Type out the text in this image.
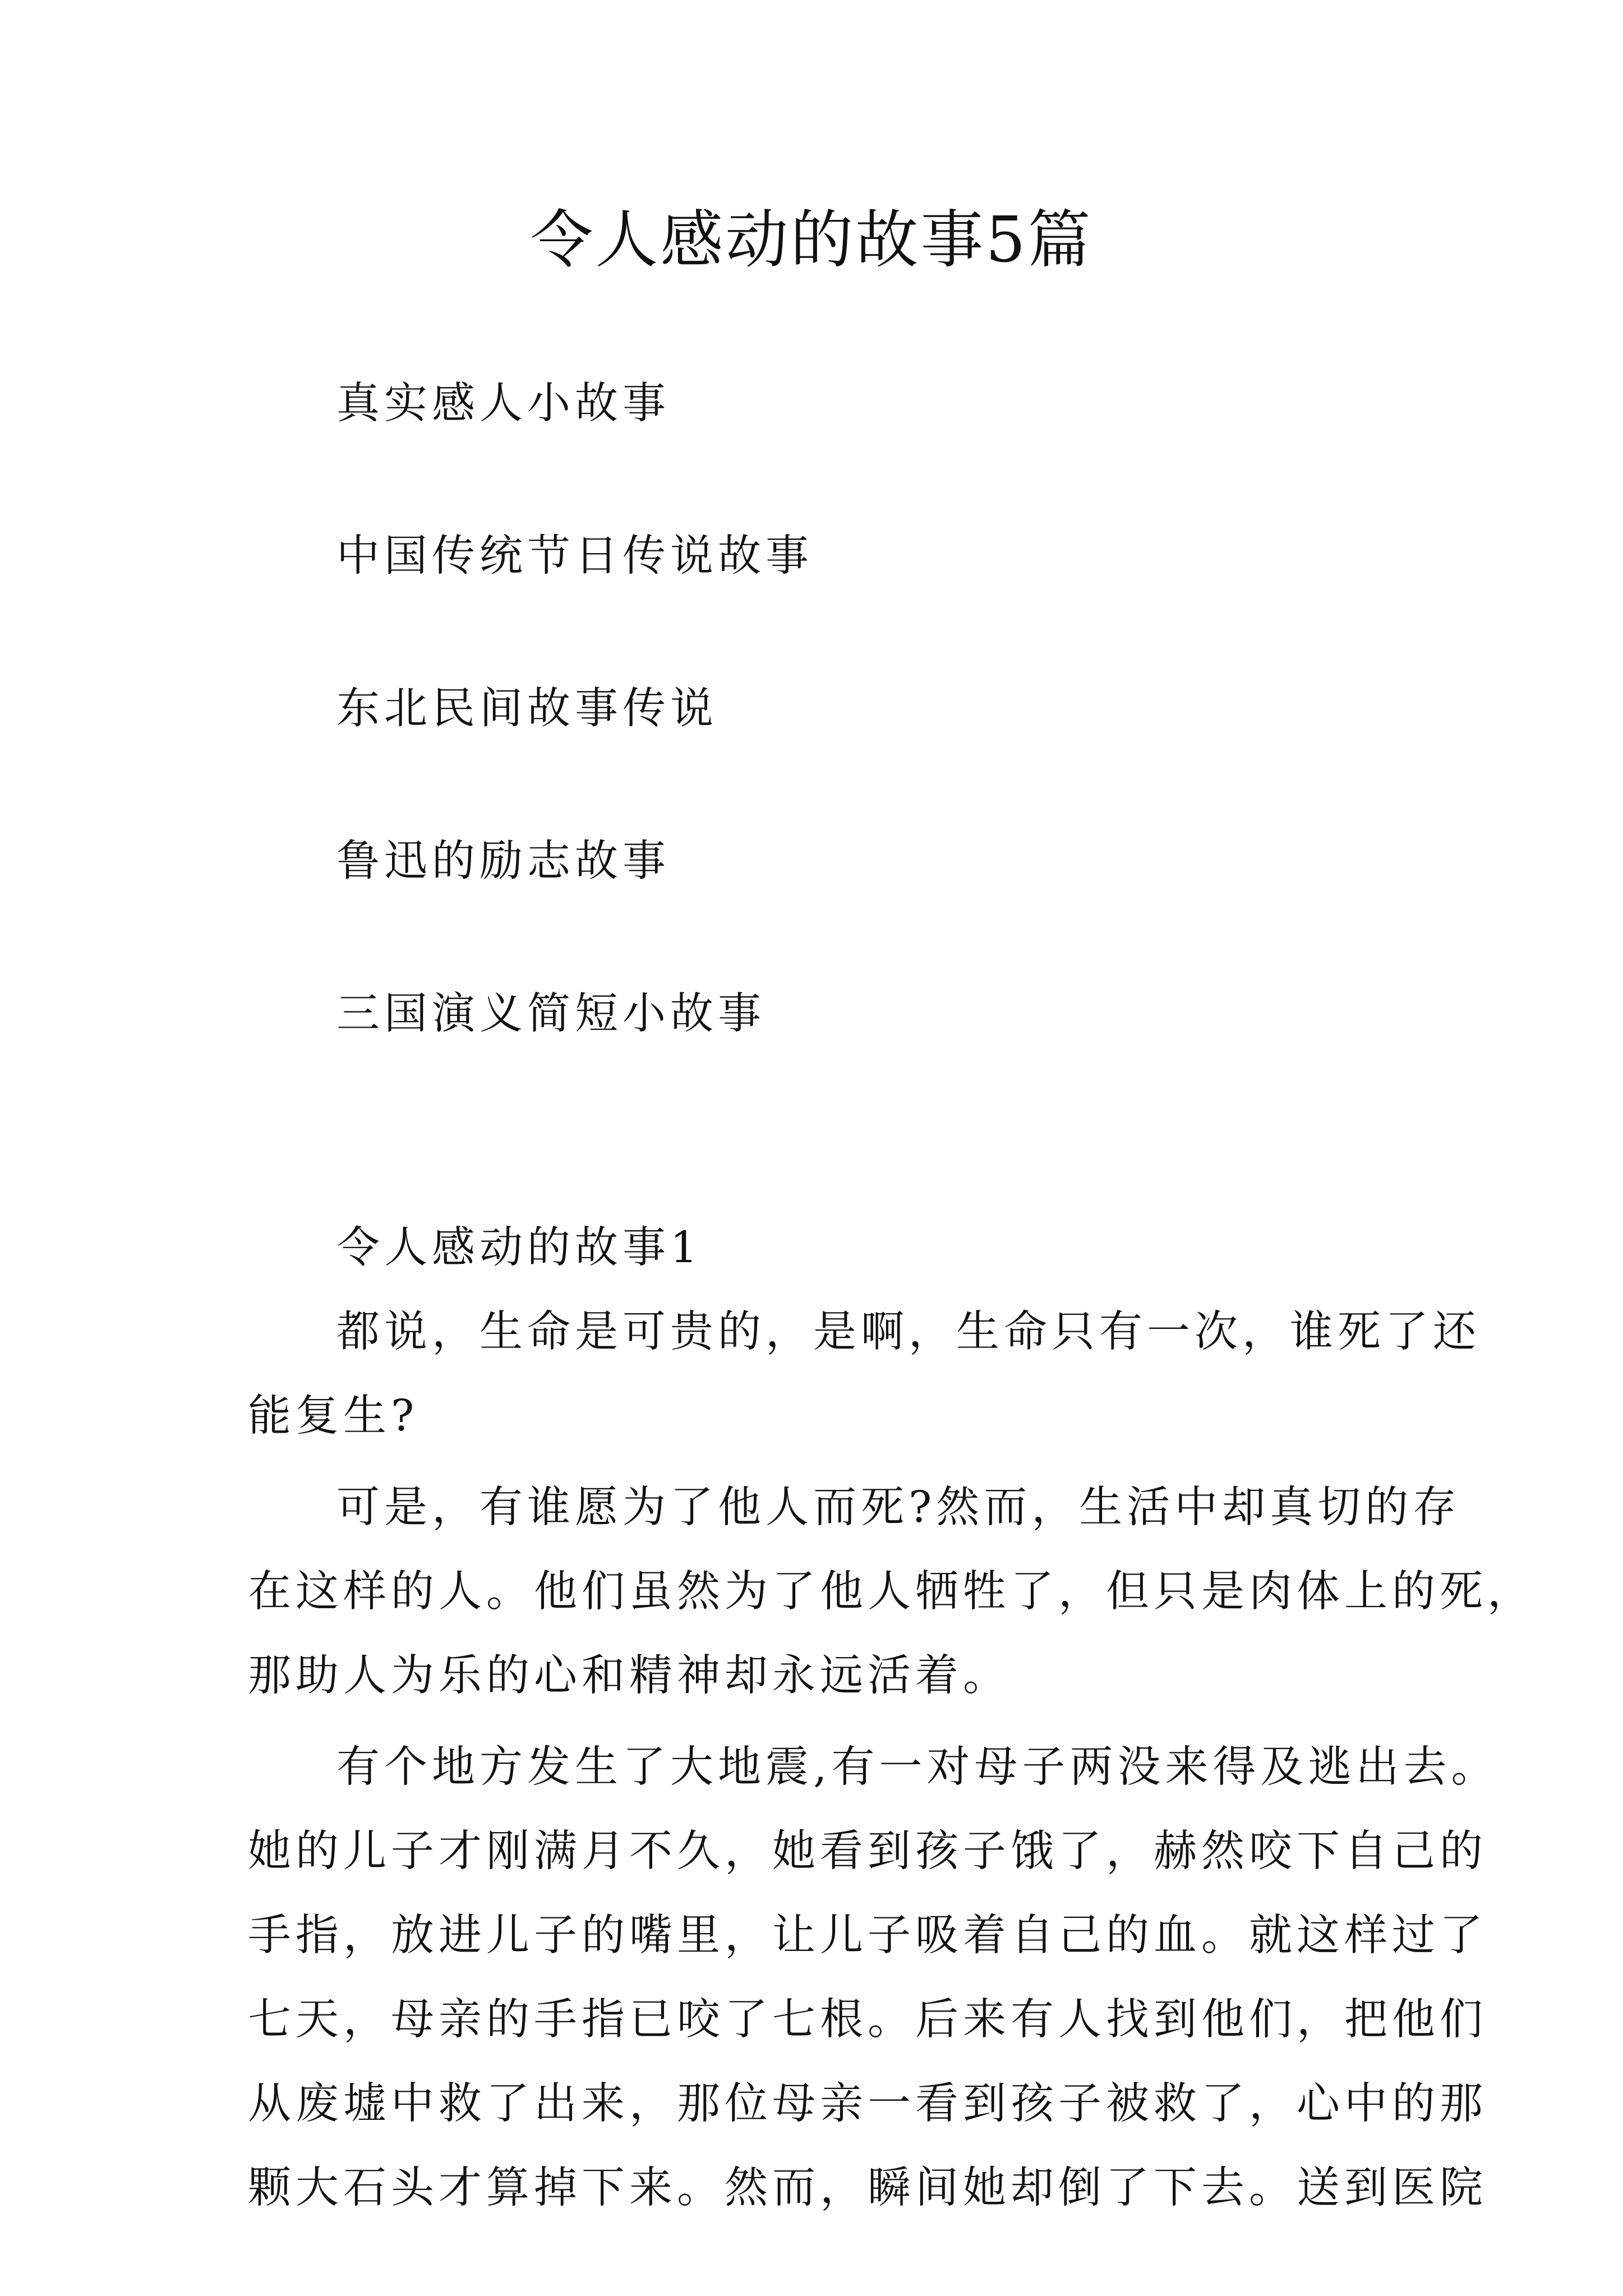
令人感动的故事5篇
真实感人小故事
中国传统节日传说故事
东北民间故事传说
鲁迅的励志故事
三国演义简短小故事
令人感动的故事1

都说，生命是可贵的，是啊，生命只有一次，谁死了还
能复生?

可是，有谁愿为了他人而死?然而，生活中却真切的存
在这样的人。他们虽然为了他人牺牲了，但只是肉体上的死，
那助人为乐的心和精神却永远活着。

有个地方发生了大地震,有一对母子两没来得及逃出去。
她的儿子才刚满月不久，她看到孩子饿了，赫然咬下自己的
手指，放进儿子的嘴里，让儿子吸着自己的血。就这样过了
七天，母亲的手指已咬了七根。后来有人找到他们，把他们
从废墟中救了出来，那位母亲一看到孩子被救了，心中的那
颗大石头才算掉下来。然而，瞬间她却倒了下去。送到医院
